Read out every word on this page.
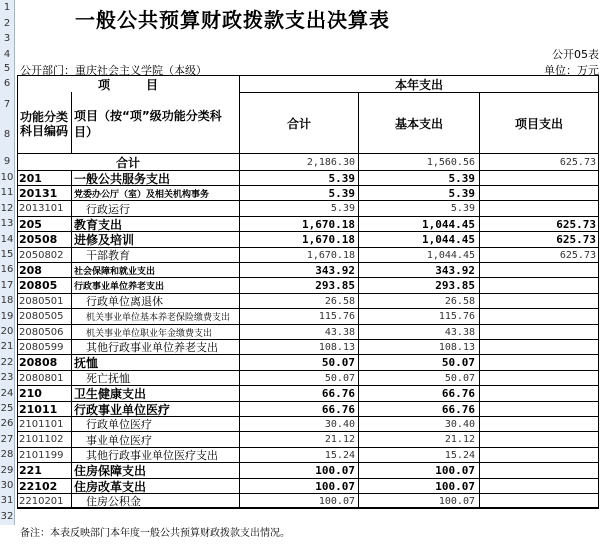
1
2
3
4
5
6
7
8
9
10
11
12
13
14
15
16
17
18
19
20
21
22
23
24
25
26
27
28
29
30
31
32
一般公共预算财政拨款支出决算表
公开05表
公开部门：重庆社会主义学院（本级）	单位：万元
项　　　目	本年支出
功能分类科目编码
项目（按“项”级功能分类科目）
合计	基本支出	项目支出
合计	2,186.30	1,560.56	625.73
201	一般公共服务支出	5.39	5.39
20131	党委办公厅（室）及相关机构事务	5.39	5.39
2013101	行政运行	5.39	5.39
205	教育支出	1,670.18	1,044.45	625.73
20508	进修及培训	1,670.18	1,044.45	625.73
2050802	干部教育	1,670.18	1,044.45	625.73
208	社会保障和就业支出	343.92	343.92
20805	行政事业单位养老支出	293.85	293.85
2080501	行政单位离退休	26.58	26.58
2080505	机关事业单位基本养老保险缴费支出	115.76	115.76
2080506	机关事业单位职业年金缴费支出	43.38	43.38
2080599	其他行政事业单位养老支出	108.13	108.13
20808	抚恤	50.07	50.07
2080801	死亡抚恤	50.07	50.07
210	卫生健康支出	66.76	66.76
21011	行政事业单位医疗	66.76	66.76
2101101	行政单位医疗	30.40	30.40
2101102	事业单位医疗	21.12	21.12
2101199	其他行政事业单位医疗支出	15.24	15.24
221	住房保障支出	100.07	100.07
22102	住房改革支出	100.07	100.07
2210201	住房公积金	100.07	100.07
备注：本表反映部门本年度一般公共预算财政拨款支出情况。
